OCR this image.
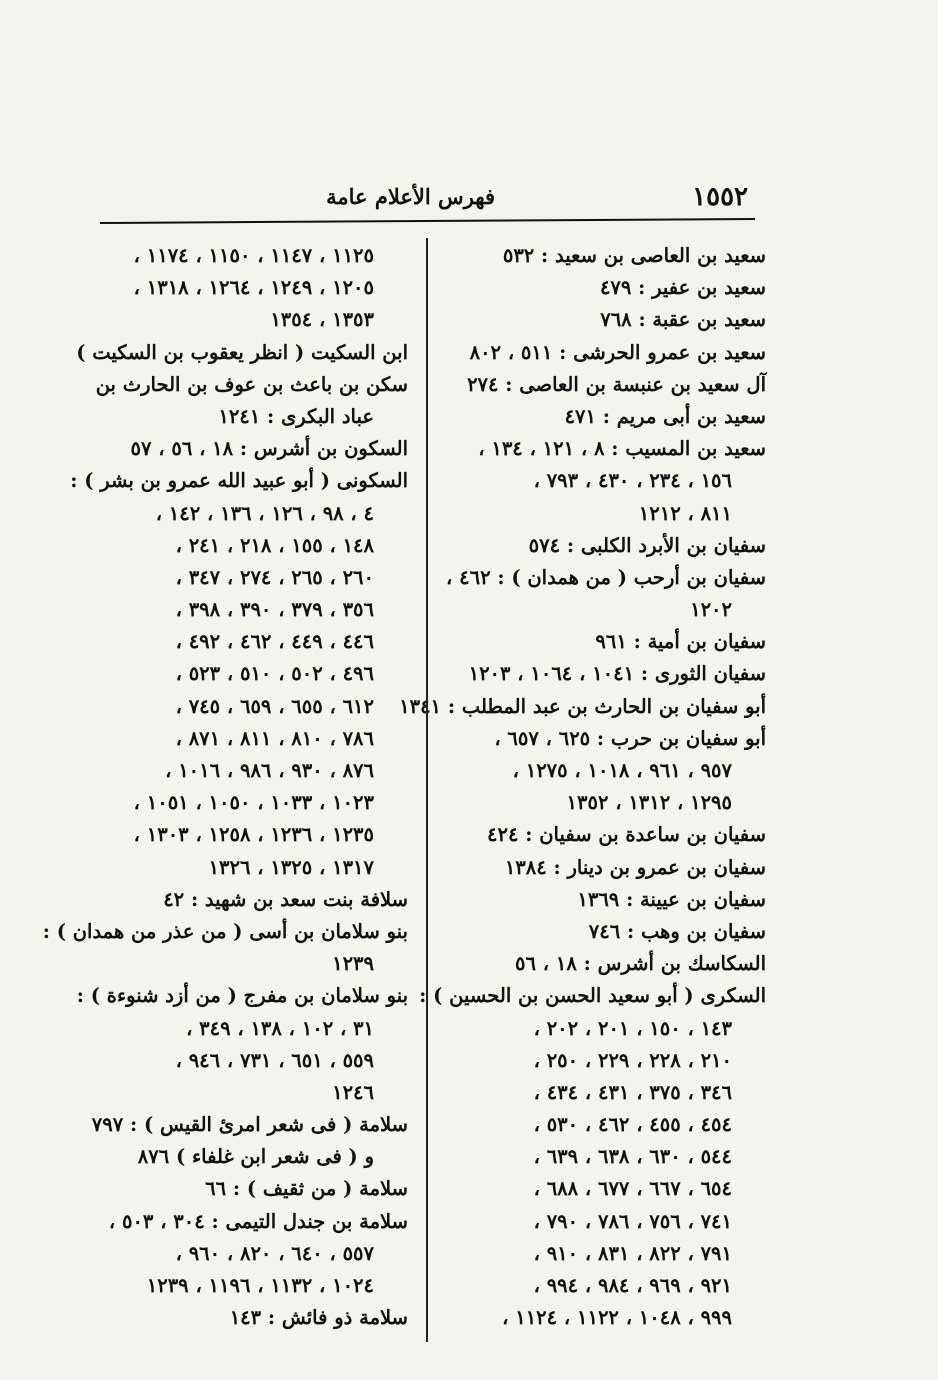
١٥٥٢
فهرس الأعلام عامة
سعيد بن العاصى بن سعيد : ٥٣٢
سعيد بن عفير : ٤٧٩
سعيد بن عقبة : ٧٦٨
سعيد بن عمرو الحرشى : ٥١١ ، ٨٠٢
آل سعيد بن عنبسة بن العاصى : ٢٧٤
سعيد بن أبى مريم : ٤٧١
سعيد بن المسيب : ٨ ، ١٢١ ، ١٣٤ ،
١٥٦ ، ٢٣٤ ، ٤٣٠ ، ٧٩٣ ،
٨١١ ، ١٢١٢
سفيان بن الأبرد الكلبى : ٥٧٤
سفيان بن أرحب ( من همدان ) : ٤٦٢ ،
١٢٠٢
سفيان بن أمية : ٩٦١
سفيان الثورى : ١٠٤١ ، ١٠٦٤ ، ١٢٠٣
أبو سفيان بن الحارث بن عبد المطلب : ١٣٤١
أبو سفيان بن حرب : ٦٢٥ ، ٦٥٧ ،
٩٥٧ ، ٩٦١ ، ١٠١٨ ، ١٢٧٥ ،
١٢٩٥ ، ١٣١٢ ، ١٣٥٢
سفيان بن ساعدة بن سفيان : ٤٢٤
سفيان بن عمرو بن دينار : ١٣٨٤
سفيان بن عيينة : ١٣٦٩
سفيان بن وهب : ٧٤٦
السكاسك بن أشرس : ١٨ ، ٥٦
السكرى ( أبو سعيد الحسن بن الحسين ) :
١٤٣ ، ١٥٠ ، ٢٠١ ، ٢٠٢ ،
٢١٠ ، ٢٢٨ ، ٢٢٩ ، ٢٥٠ ،
٣٤٦ ، ٣٧٥ ، ٤٣١ ، ٤٣٤ ،
٤٥٤ ، ٤٥٥ ، ٤٦٢ ، ٥٣٠ ،
٥٤٤ ، ٦٣٠ ، ٦٣٨ ، ٦٣٩ ،
٦٥٤ ، ٦٦٧ ، ٦٧٧ ، ٦٨٨ ،
٧٤١ ، ٧٥٦ ، ٧٨٦ ، ٧٩٠ ،
٧٩١ ، ٨٢٢ ، ٨٣١ ، ٩١٠ ،
٩٢١ ، ٩٦٩ ، ٩٨٤ ، ٩٩٤ ،
٩٩٩ ، ١٠٤٨ ، ١١٢٢ ، ١١٢٤ ،
١١٢٥ ، ١١٤٧ ، ١١٥٠ ، ١١٧٤ ،
١٢٠٥ ، ١٢٤٩ ، ١٢٦٤ ، ١٣١٨ ،
١٣٥٣ ، ١٣٥٤
ابن السكيت ( انظر يعقوب بن السكيت )
سكن بن باعث بن عوف بن الحارث بن
عباد البكرى : ١٢٤١
السكون بن أشرس : ١٨ ، ٥٦ ، ٥٧
السكونى ( أبو عبيد الله عمرو بن بشر ) :
٤ ، ٩٨ ، ١٢٦ ، ١٣٦ ، ١٤٢ ،
١٤٨ ، ١٥٥ ، ٢١٨ ، ٢٤١ ،
٢٦٠ ، ٢٦٥ ، ٢٧٤ ، ٣٤٧ ،
٣٥٦ ، ٣٧٩ ، ٣٩٠ ، ٣٩٨ ،
٤٤٦ ، ٤٤٩ ، ٤٦٢ ، ٤٩٢ ،
٤٩٦ ، ٥٠٢ ، ٥١٠ ، ٥٢٣ ،
٦١٢ ، ٦٥٥ ، ٦٥٩ ، ٧٤٥ ،
٧٨٦ ، ٨١٠ ، ٨١١ ، ٨٧١ ،
٨٧٦ ، ٩٣٠ ، ٩٨٦ ، ١٠١٦ ،
١٠٢٣ ، ١٠٣٣ ، ١٠٥٠ ، ١٠٥١ ،
١٢٣٥ ، ١٢٣٦ ، ١٢٥٨ ، ١٣٠٣ ،
١٣١٧ ، ١٣٢٥ ، ١٣٢٦
سلافة بنت سعد بن شهيد : ٤٢
بنو سلامان بن أسى ( من عذر من همدان ) :
١٢٣٩
بنو سلامان بن مفرج ( من أزد شنوءة ) :
٣١ ، ١٠٢ ، ١٣٨ ، ٣٤٩ ،
٥٥٩ ، ٦٥١ ، ٧٣١ ، ٩٤٦ ،
١٢٤٦
سلامة ( فى شعر امرئ القيس ) : ٧٩٧
و ( فى شعر ابن غلفاء ) ٨٧٦
سلامة ( من ثقيف ) : ٦٦
سلامة بن جندل التيمى : ٣٠٤ ، ٥٠٣ ،
٥٥٧ ، ٦٤٠ ، ٨٢٠ ، ٩٦٠ ،
١٠٢٤ ، ١١٣٢ ، ١١٩٦ ، ١٢٣٩
سلامة ذو فائش : ١٤٣
